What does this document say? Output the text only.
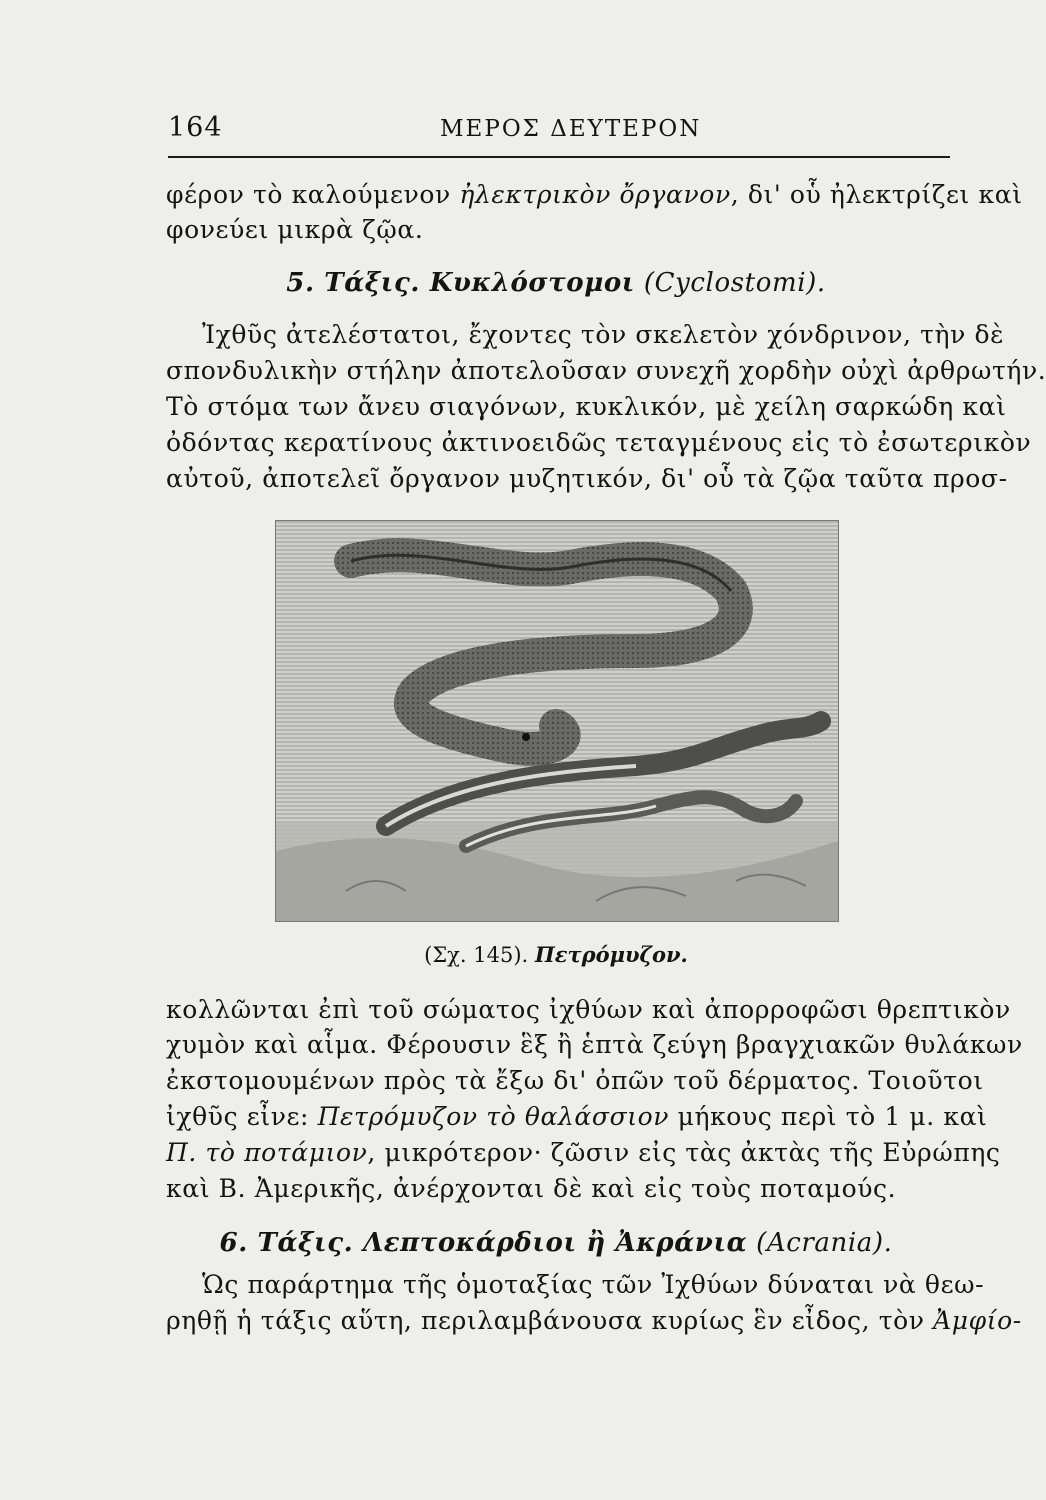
164	ΜΕΡΟΣ ΔΕΥΤΕΡΟΝ
φέρον τὸ καλούμενον ἠλεκτρικὸν ὄργανον, δι' οὗ ἠλεκτρίζει καὶ
φονεύει μικρὰ ζῷα.
5. Τάξις. Κυκλόστομοι (Cyclostomi).
Ἰχθῦς ἀτελέστατοι, ἔχοντες τὸν σκελετὸν χόνδρινον, τὴν δὲ
σπονδυλικὴν στήλην ἀποτελοῦσαν συνεχῆ χορδὴν οὐχὶ ἀρθρωτήν.
Τὸ στόμα των ἄνευ σιαγόνων, κυκλικόν, μὲ χείλη σαρκώδη καὶ
ὀδόντας κερατίνους ἀκτινοειδῶς τεταγμένους εἰς τὸ ἐσωτερικὸν
αὐτοῦ, ἀποτελεῖ ὄργανον μυζητικόν, δι' οὗ τὰ ζῷα ταῦτα προσ-
(Σχ. 145). Πετρόμυζον.
κολλῶνται ἐπὶ τοῦ σώματος ἰχθύων καὶ ἀπορροφῶσι θρεπτικὸν
χυμὸν καὶ αἷμα. Φέρουσιν ἓξ ἢ ἑπτὰ ζεύγη βραγχιακῶν θυλάκων
ἐκστομουμένων πρὸς τὰ ἔξω δι' ὀπῶν τοῦ δέρματος. Τοιοῦτοι
ἰχθῦς εἶνε: Πετρόμυζον τὸ θαλάσσιον μήκους περὶ τὸ 1 μ. καὶ
Π. τὸ ποτάμιον, μικρότερον· ζῶσιν εἰς τὰς ἀκτὰς τῆς Εὐρώπης
καὶ Β. Ἀμερικῆς, ἀνέρχονται δὲ καὶ εἰς τοὺς ποταμούς.
6. Τάξις. Λεπτοκάρδιοι ἢ Ἀκράνια (Acrania).
Ὡς παράρτημα τῆς ὁμοταξίας τῶν Ἰχθύων δύναται νὰ θεω-
ρηθῇ ἡ τάξις αὕτη, περιλαμβάνουσα κυρίως ἓν εἶδος, τὸν Ἀμφίο-
